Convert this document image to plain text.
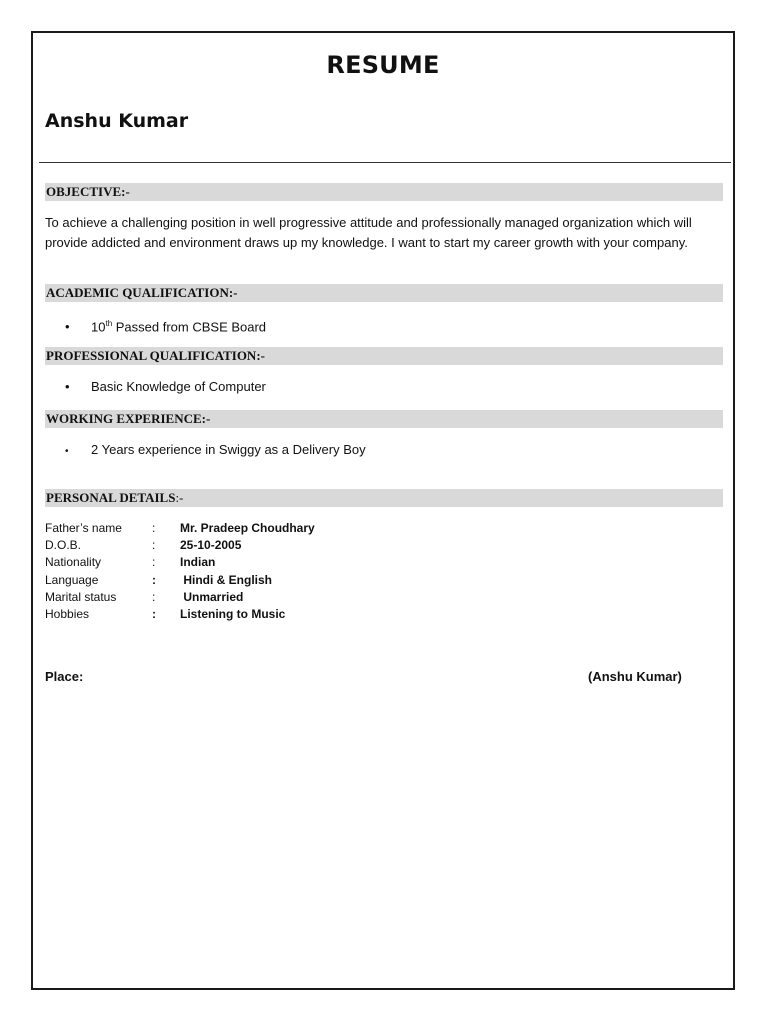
RESUME
Anshu Kumar
OBJECTIVE:-
To achieve a challenging position in well progressive attitude and professionally managed organization which will provide addicted and environment draws up my knowledge. I want to start my career growth with your company.
ACADEMIC QUALIFICATION:-
• 10th Passed from CBSE Board
PROFESSIONAL QUALIFICATION:-
• Basic Knowledge of Computer
WORKING EXPERIENCE:-
• 2 Years experience in Swiggy as a Delivery Boy
PERSONAL DETAILS:-
Father’s name	: Mr. Pradeep Choudhary
D.O.B.	: 25-10-2005
Nationality	: Indian
Language	: Hindi & English
Marital status	: Unmarried
Hobbies	: Listening to Music
Place:	(Anshu Kumar)
